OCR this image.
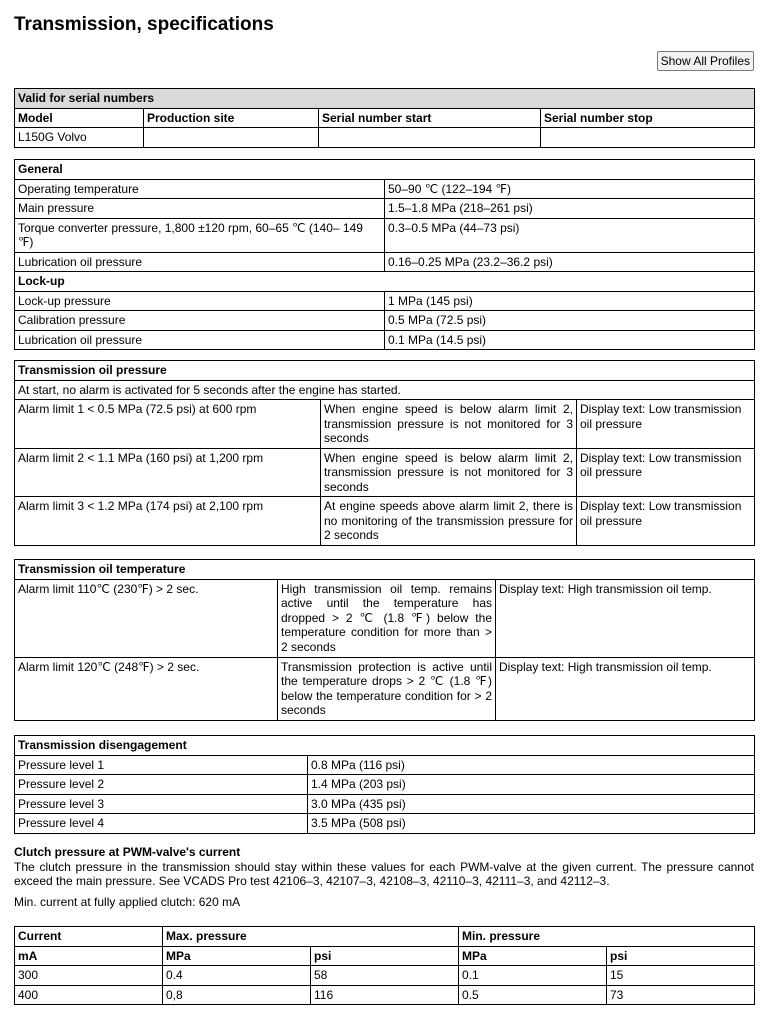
Transmission, specifications
Show All Profiles
Valid for serial numbers			
Model	Production site	Serial number start	Serial number stop
L150G Volvo			
General	
Operating temperature	50–90 ℃ (122–194 ℉)
Main pressure	1.5–1.8 MPa (218–261 psi)
Torque converter pressure, 1,800 ±120 rpm, 60–65 ℃ (140– 149 ℉)	0.3–0.5 MPa (44–73 psi)
Lubrication oil pressure	0.16–0.25 MPa (23.2–36.2 psi)
Lock-up	
Lock-up pressure	1 MPa (145 psi)
Calibration pressure	0.5 MPa (72.5 psi)
Lubrication oil pressure	0.1 MPa (14.5 psi)
Transmission oil pressure		
At start, no alarm is activated for 5 seconds after the engine has started.		
Alarm limit 1 < 0.5 MPa (72.5 psi) at 600 rpm	When engine speed is below alarm limit 2, transmission pressure is not monitored for 3 seconds	Display text: Low transmission oil pressure
Alarm limit 2 < 1.1 MPa (160 psi) at 1,200 rpm	When engine speed is below alarm limit 2, transmission pressure is not monitored for 3 seconds	Display text: Low transmission oil pressure
Alarm limit 3 < 1.2 MPa (174 psi) at 2,100 rpm	At engine speeds above alarm limit 2, there is no monitoring of the transmission pressure for 2 seconds	Display text: Low transmission oil pressure
Transmission oil temperature		
Alarm limit 110℃ (230℉) > 2 sec.	High transmission oil temp. remains active until the temperature has dropped > 2 ℃ (1.8 ℉) below the temperature condition for more than > 2 seconds	Display text: High transmission oil temp.
Alarm limit 120℃ (248℉) > 2 sec.	Transmission protection is active until the temperature drops > 2 ℃ (1.8 ℉) below the temperature condition for > 2 seconds	Display text: High transmission oil temp.
Transmission disengagement	
Pressure level 1	0.8 MPa (116 psi)
Pressure level 2	1.4 MPa (203 psi)
Pressure level 3	3.0 MPa (435 psi)
Pressure level 4	3.5 MPa (508 psi)

Clutch pressure at PWM-valve's current

The clutch pressure in the transmission should stay within these values for each PWM-valve at the given current. The pressure cannot exceed the main pressure. See VCADS Pro test 42106–3, 42107–3, 42108–3, 42110–3, 42111–3, and 42112–3.

Min. current at fully applied clutch: 620 mA

Current	Max. pressure		Min. pressure	
mA	MPa	psi	MPa	psi
300	0.4	58	0.1	15
400	0,8	116	0.5	73
